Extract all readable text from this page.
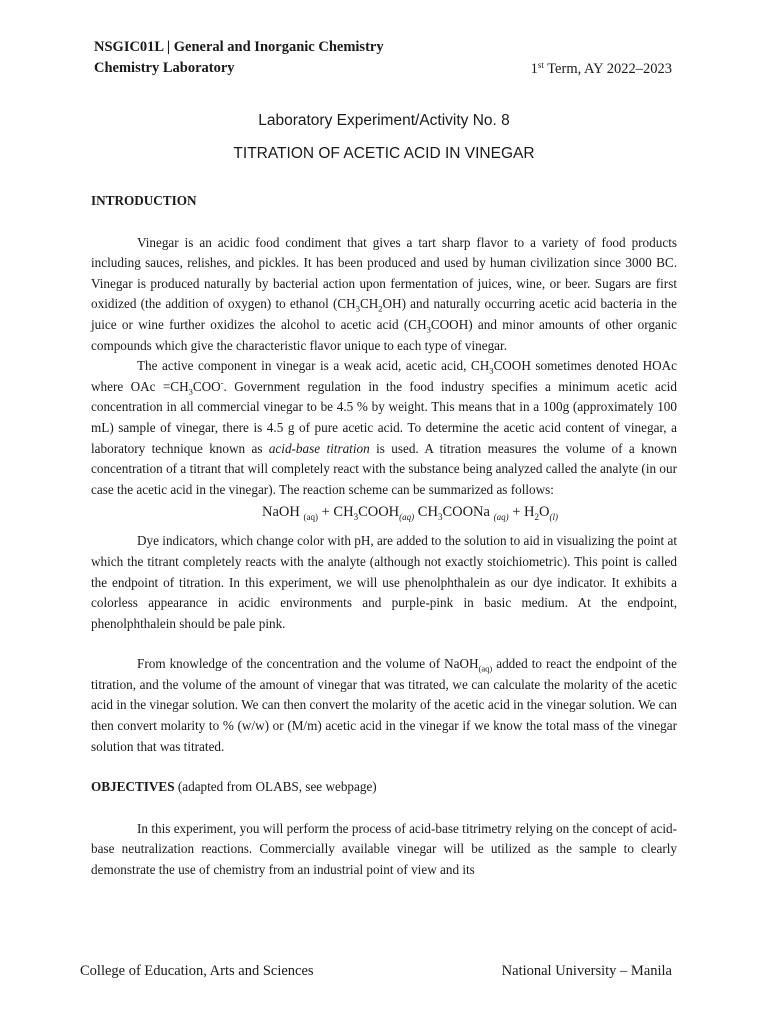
NSGIC01L | General and Inorganic Chemistry
Chemistry Laboratory	1st Term, AY 2022–2023
Laboratory Experiment/Activity No. 8
TITRATION OF ACETIC ACID IN VINEGAR

INTRODUCTION

Vinegar is an acidic food condiment that gives a tart sharp flavor to a variety of food products including sauces, relishes, and pickles. It has been produced and used by human civilization since 3000 BC. Vinegar is produced naturally by bacterial action upon fermentation of juices, wine, or beer. Sugars are first oxidized (the addition of oxygen) to ethanol $(CH_3CH_2OH)$ and naturally occurring acetic acid bacteria in the juice or wine further oxidizes the alcohol to acetic acid $(CH_3COOH)$ and minor amounts of other organic compounds which give the characteristic flavor unique to each type of vinegar.

The active component in vinegar is a weak acid, acetic acid, $CH_3COOH$ sometimes denoted HOAc where OAc $=CH_3COO^-$. Government regulation in the food industry specifies a minimum acetic acid concentration in all commercial vinegar to be 4.5 % by weight. This means that in a 100g (approximately 100 mL) sample of vinegar, there is 4.5 g of pure acetic acid. To determine the acetic acid content of vinegar, a laboratory technique known as acid-base titration is used. A titration measures the volume of a known concentration of a titrant that will completely react with the substance being analyzed called the analyte (in our case the acetic acid in the vinegar). The reaction scheme can be summarized as follows:

NaOH $_{(aq)} + CH_3COOH_{(aq)}$ $CH_3COONa$ $_{(aq)} + H_2O_{(l)}$

Dye indicators, which change color with pH, are added to the solution to aid in visualizing the point at which the titrant completely reacts with the analyte (although not exactly stoichiometric). This point is called the endpoint of titration. In this experiment, we will use phenolphthalein as our dye indicator. It exhibits a colorless appearance in acidic environments and purple-pink in basic medium. At the endpoint, phenolphthalein should be pale pink.

From knowledge of the concentration and the volume of NaOH$_{(aq)}$ added to react the endpoint of the titration, and the volume of the amount of vinegar that was titrated, we can calculate the molarity of the acetic acid in the vinegar solution. We can then convert the molarity of the acetic acid in the vinegar solution. We can then convert molarity to % (w/w) or (M/m) acetic acid in the vinegar if we know the total mass of the vinegar solution that was titrated.

OBJECTIVES (adapted from OLABS, see webpage)

In this experiment, you will perform the process of acid-base titrimetry relying on the concept of acid-base neutralization reactions. Commercially available vinegar will be utilized as the sample to clearly demonstrate the use of chemistry from an industrial point of view and its

College of Education, Arts and Sciences	National University – Manila
